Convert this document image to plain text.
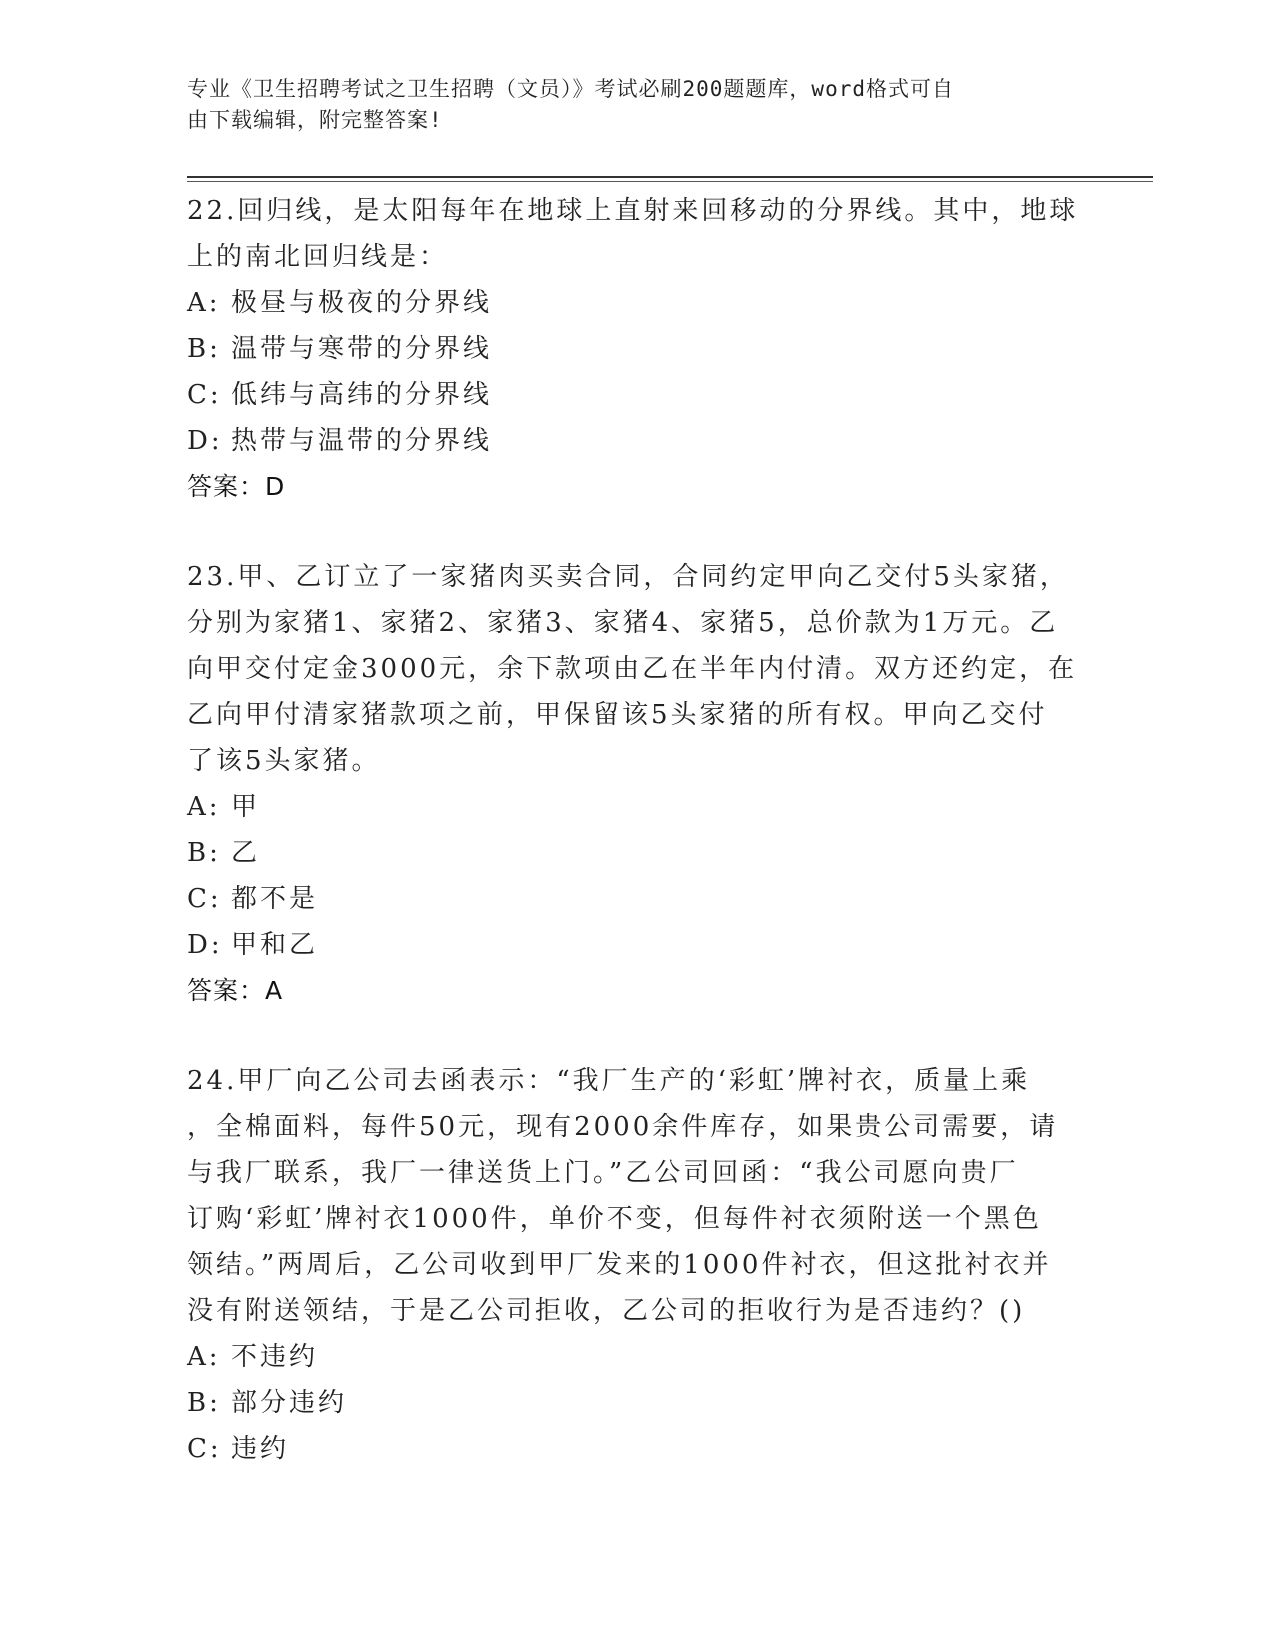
专业《卫生招聘考试之卫生招聘（文员）》考试必刷200题题库，word格式可自
由下载编辑，附完整答案!
22.回归线，是太阳每年在地球上直射来回移动的分界线。其中，地球
上的南北回归线是：
A: 极昼与极夜的分界线
B: 温带与寒带的分界线
C: 低纬与高纬的分界线
D: 热带与温带的分界线
答案：D
23.甲、乙订立了一家猪肉买卖合同，合同约定甲向乙交付5头家猪，
分别为家猪1、家猪2、家猪3、家猪4、家猪5，总价款为1万元。乙
向甲交付定金3000元，余下款项由乙在半年内付清。双方还约定，在
乙向甲付清家猪款项之前，甲保留该5头家猪的所有权。甲向乙交付
了该5头家猪。
A: 甲
B: 乙
C: 都不是
D: 甲和乙
答案：A
24.甲厂向乙公司去函表示：“我厂生产的‘彩虹’牌衬衣，质量上乘
，全棉面料，每件50元，现有2000余件库存，如果贵公司需要，请
与我厂联系，我厂一律送货上门。”乙公司回函：“我公司愿向贵厂
订购‘彩虹’牌衬衣1000件，单价不变，但每件衬衣须附送一个黑色
领结。”两周后，乙公司收到甲厂发来的1000件衬衣，但这批衬衣并
没有附送领结，于是乙公司拒收，乙公司的拒收行为是否违约？()
A: 不违约
B: 部分违约
C: 违约
